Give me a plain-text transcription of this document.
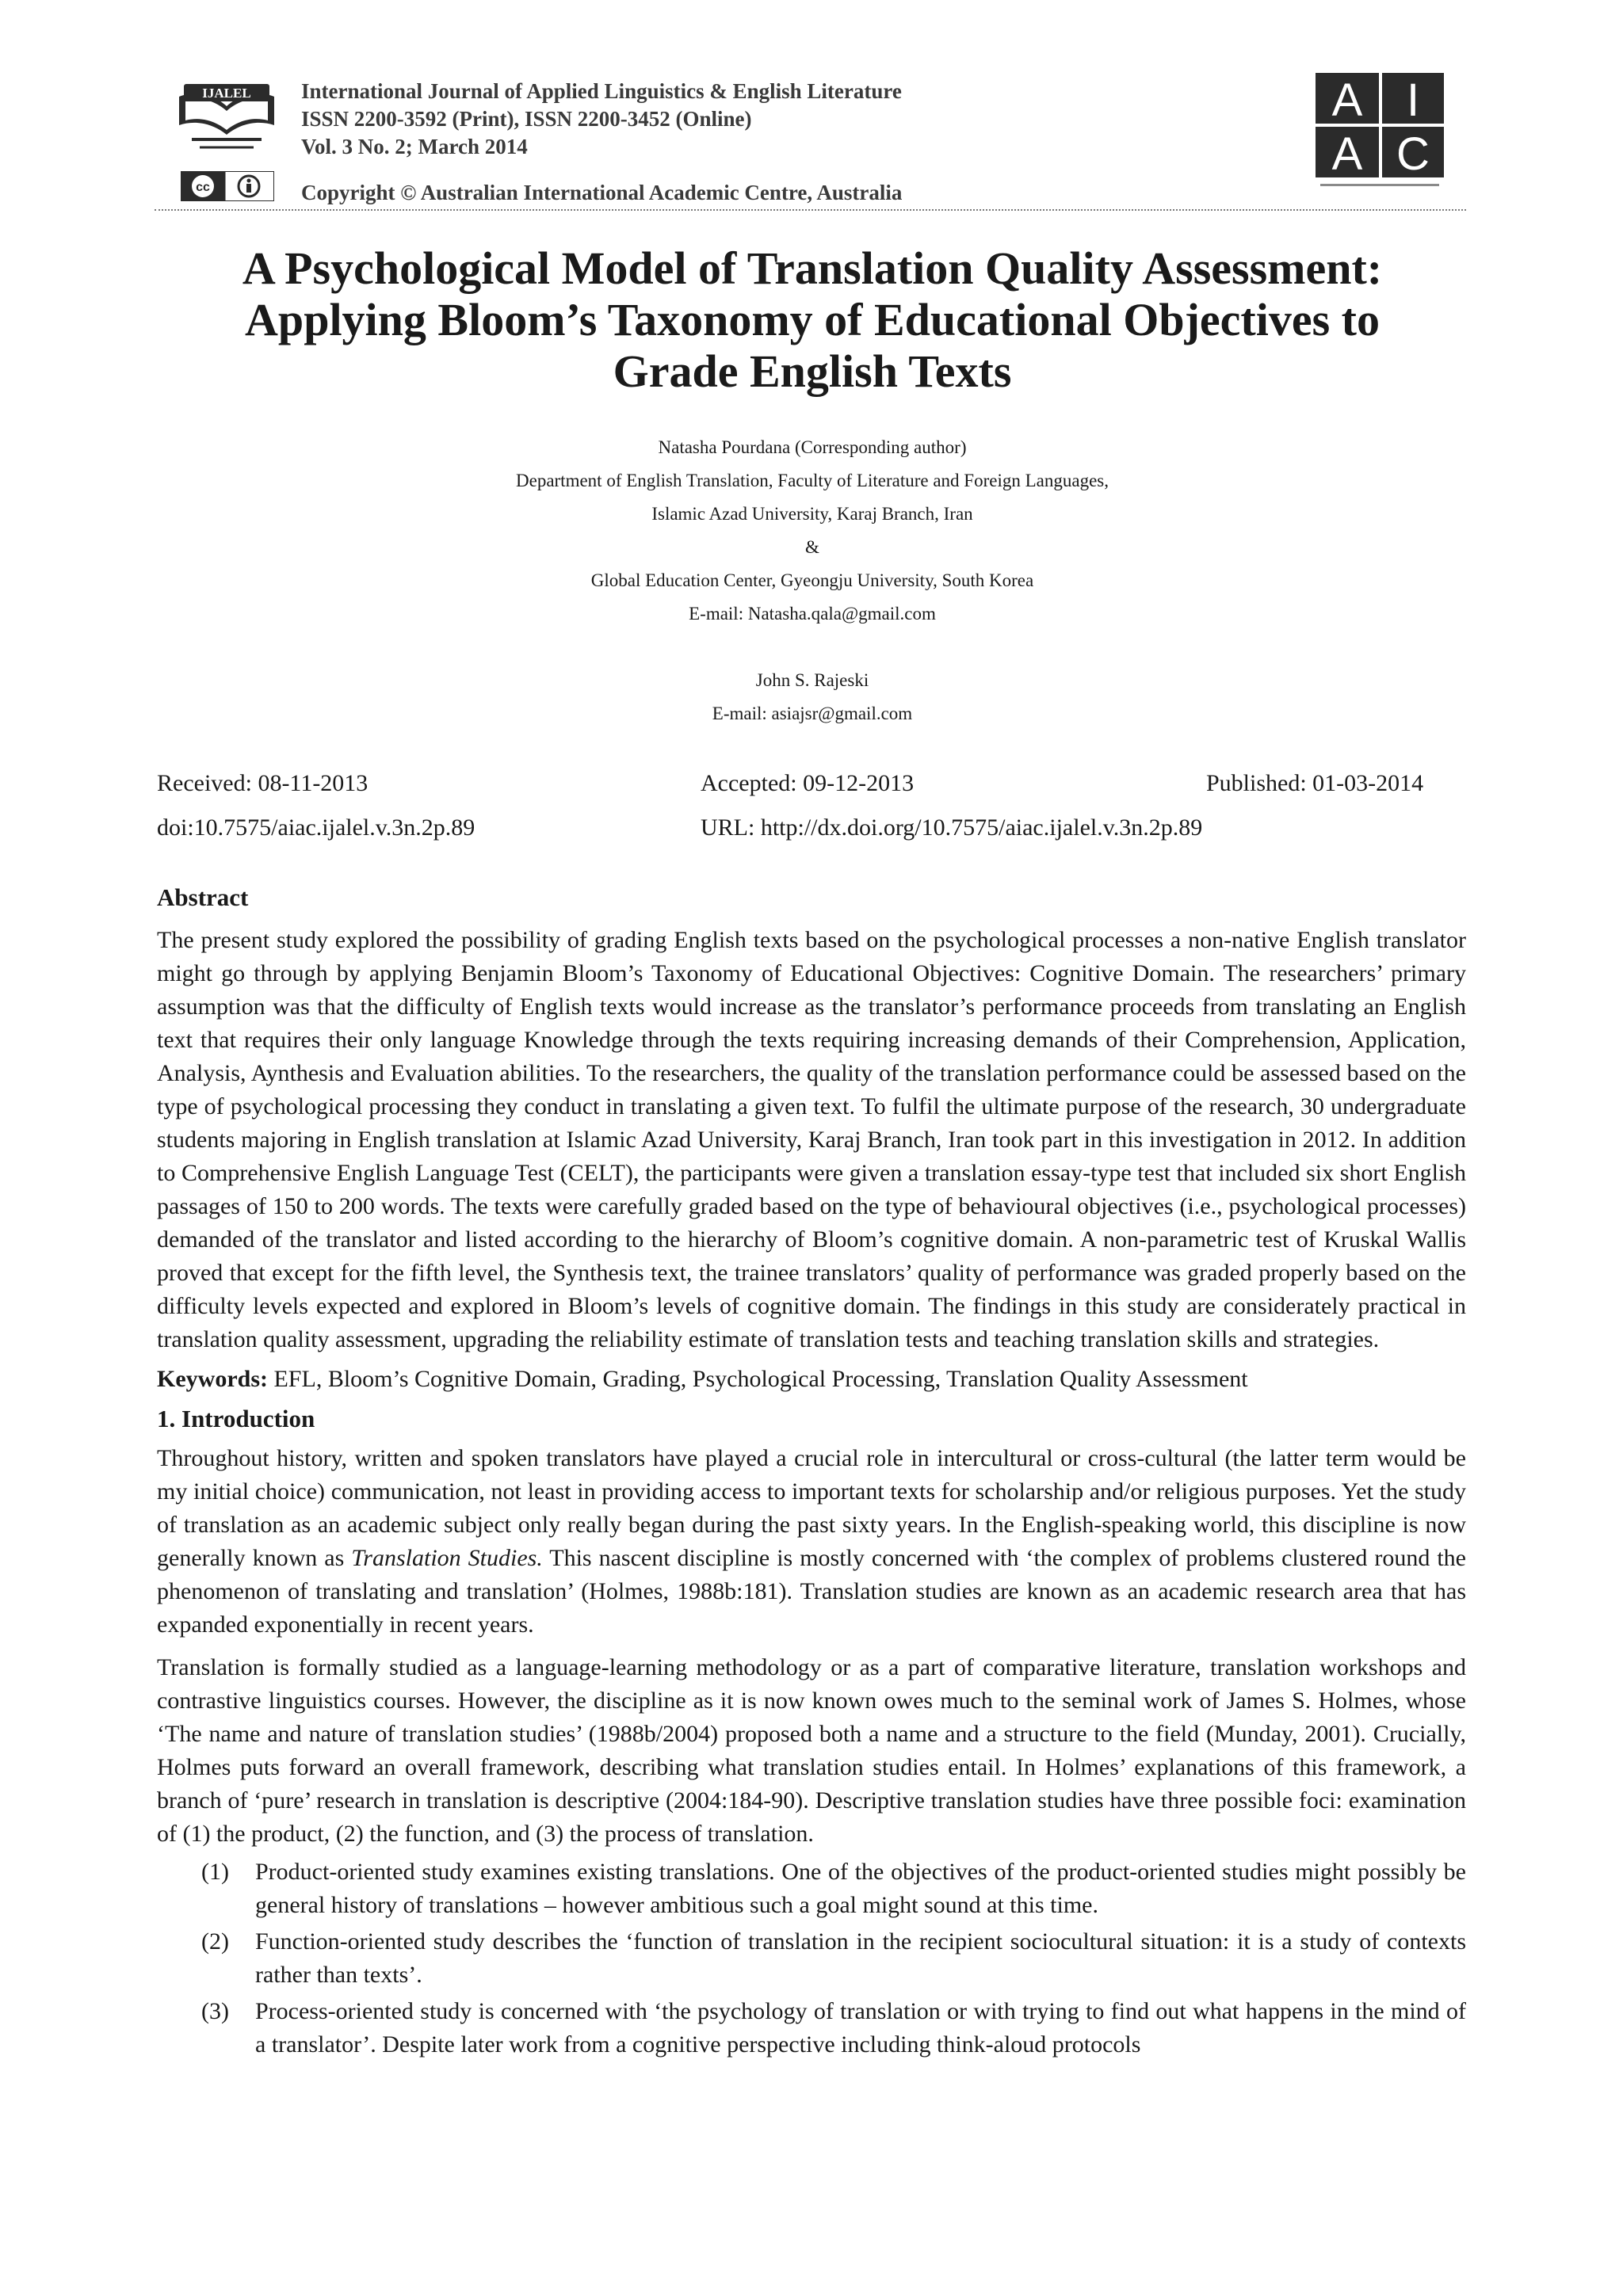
IJALEL
cc
International Journal of Applied Linguistics & English Literature
ISSN 2200-3592 (Print), ISSN 2200-3452 (Online)
Vol. 3 No. 2; March 2014
Copyright © Australian International Academic Centre, Australia
A I
A C
A Psychological Model of Translation Quality Assessment:
Applying Bloom’s Taxonomy of Educational Objectives to
Grade English Texts
Natasha Pourdana (Corresponding author)
Department of English Translation, Faculty of Literature and Foreign Languages,
Islamic Azad University, Karaj Branch, Iran
&
Global Education Center, Gyeongju University, South Korea
E-mail: Natasha.qala@gmail.com
John S. Rajeski
E-mail: asiajsr@gmail.com
Received: 08-11-2013	Accepted: 09-12-2013	Published: 01-03-2014
doi:10.7575/aiac.ijalel.v.3n.2p.89	URL: http://dx.doi.org/10.7575/aiac.ijalel.v.3n.2p.89
Abstract

The present study explored the possibility of grading English texts based on the psychological processes a non-native English translator might go through by applying Benjamin Bloom’s Taxonomy of Educational Objectives: Cognitive Domain. The researchers’ primary assumption was that the difficulty of English texts would increase as the translator’s performance proceeds from translating an English text that requires their only language Knowledge through the texts requiring increasing demands of their Comprehension, Application, Analysis, Aynthesis and Evaluation abilities. To the researchers, the quality of the translation performance could be assessed based on the type of psychological processing they conduct in translating a given text. To fulfil the ultimate purpose of the research, 30 undergraduate students majoring in English translation at Islamic Azad University, Karaj Branch, Iran took part in this investigation in 2012. In addition to Comprehensive English Language Test (CELT), the participants were given a translation essay-type test that included six short English passages of 150 to 200 words. The texts were carefully graded based on the type of behavioural objectives (i.e., psychological processes) demanded of the translator and listed according to the hierarchy of Bloom’s cognitive domain. A non-parametric test of Kruskal Wallis proved that except for the fifth level, the Synthesis text, the trainee translators’ quality of performance was graded properly based on the difficulty levels expected and explored in Bloom’s levels of cognitive domain. The findings in this study are considerately practical in translation quality assessment, upgrading the reliability estimate of translation tests and teaching translation skills and strategies.

Keywords: EFL, Bloom’s Cognitive Domain, Grading, Psychological Processing, Translation Quality Assessment

1. Introduction

Throughout history, written and spoken translators have played a crucial role in intercultural or cross-cultural (the latter term would be my initial choice) communication, not least in providing access to important texts for scholarship and/or religious purposes. Yet the study of translation as an academic subject only really began during the past sixty years. In the English-speaking world, this discipline is now generally known as Translation Studies. This nascent discipline is mostly concerned with ‘the complex of problems clustered round the phenomenon of translating and translation’ (Holmes, 1988b:181). Translation studies are known as an academic research area that has expanded exponentially in recent years.

Translation is formally studied as a language-learning methodology or as a part of comparative literature, translation workshops and contrastive linguistics courses. However, the discipline as it is now known owes much to the seminal work of James S. Holmes, whose ‘The name and nature of translation studies’ (1988b/2004) proposed both a name and a structure to the field (Munday, 2001). Crucially, Holmes puts forward an overall framework, describing what translation studies entail. In Holmes’ explanations of this framework, a branch of ‘pure’ research in translation is descriptive (2004:184-90). Descriptive translation studies have three possible foci: examination of (1) the product, (2) the function, and (3) the process of translation.

(1) Product-oriented study examines existing translations. One of the objectives of the product-oriented studies might possibly be general history of translations – however ambitious such a goal might sound at this time.
(2) Function-oriented study describes the ‘function of translation in the recipient sociocultural situation: it is a study of contexts rather than texts’.
(3) Process-oriented study is concerned with ‘the psychology of translation or with trying to find out what happens in the mind of a translator’. Despite later work from a cognitive perspective including think-aloud protocols
